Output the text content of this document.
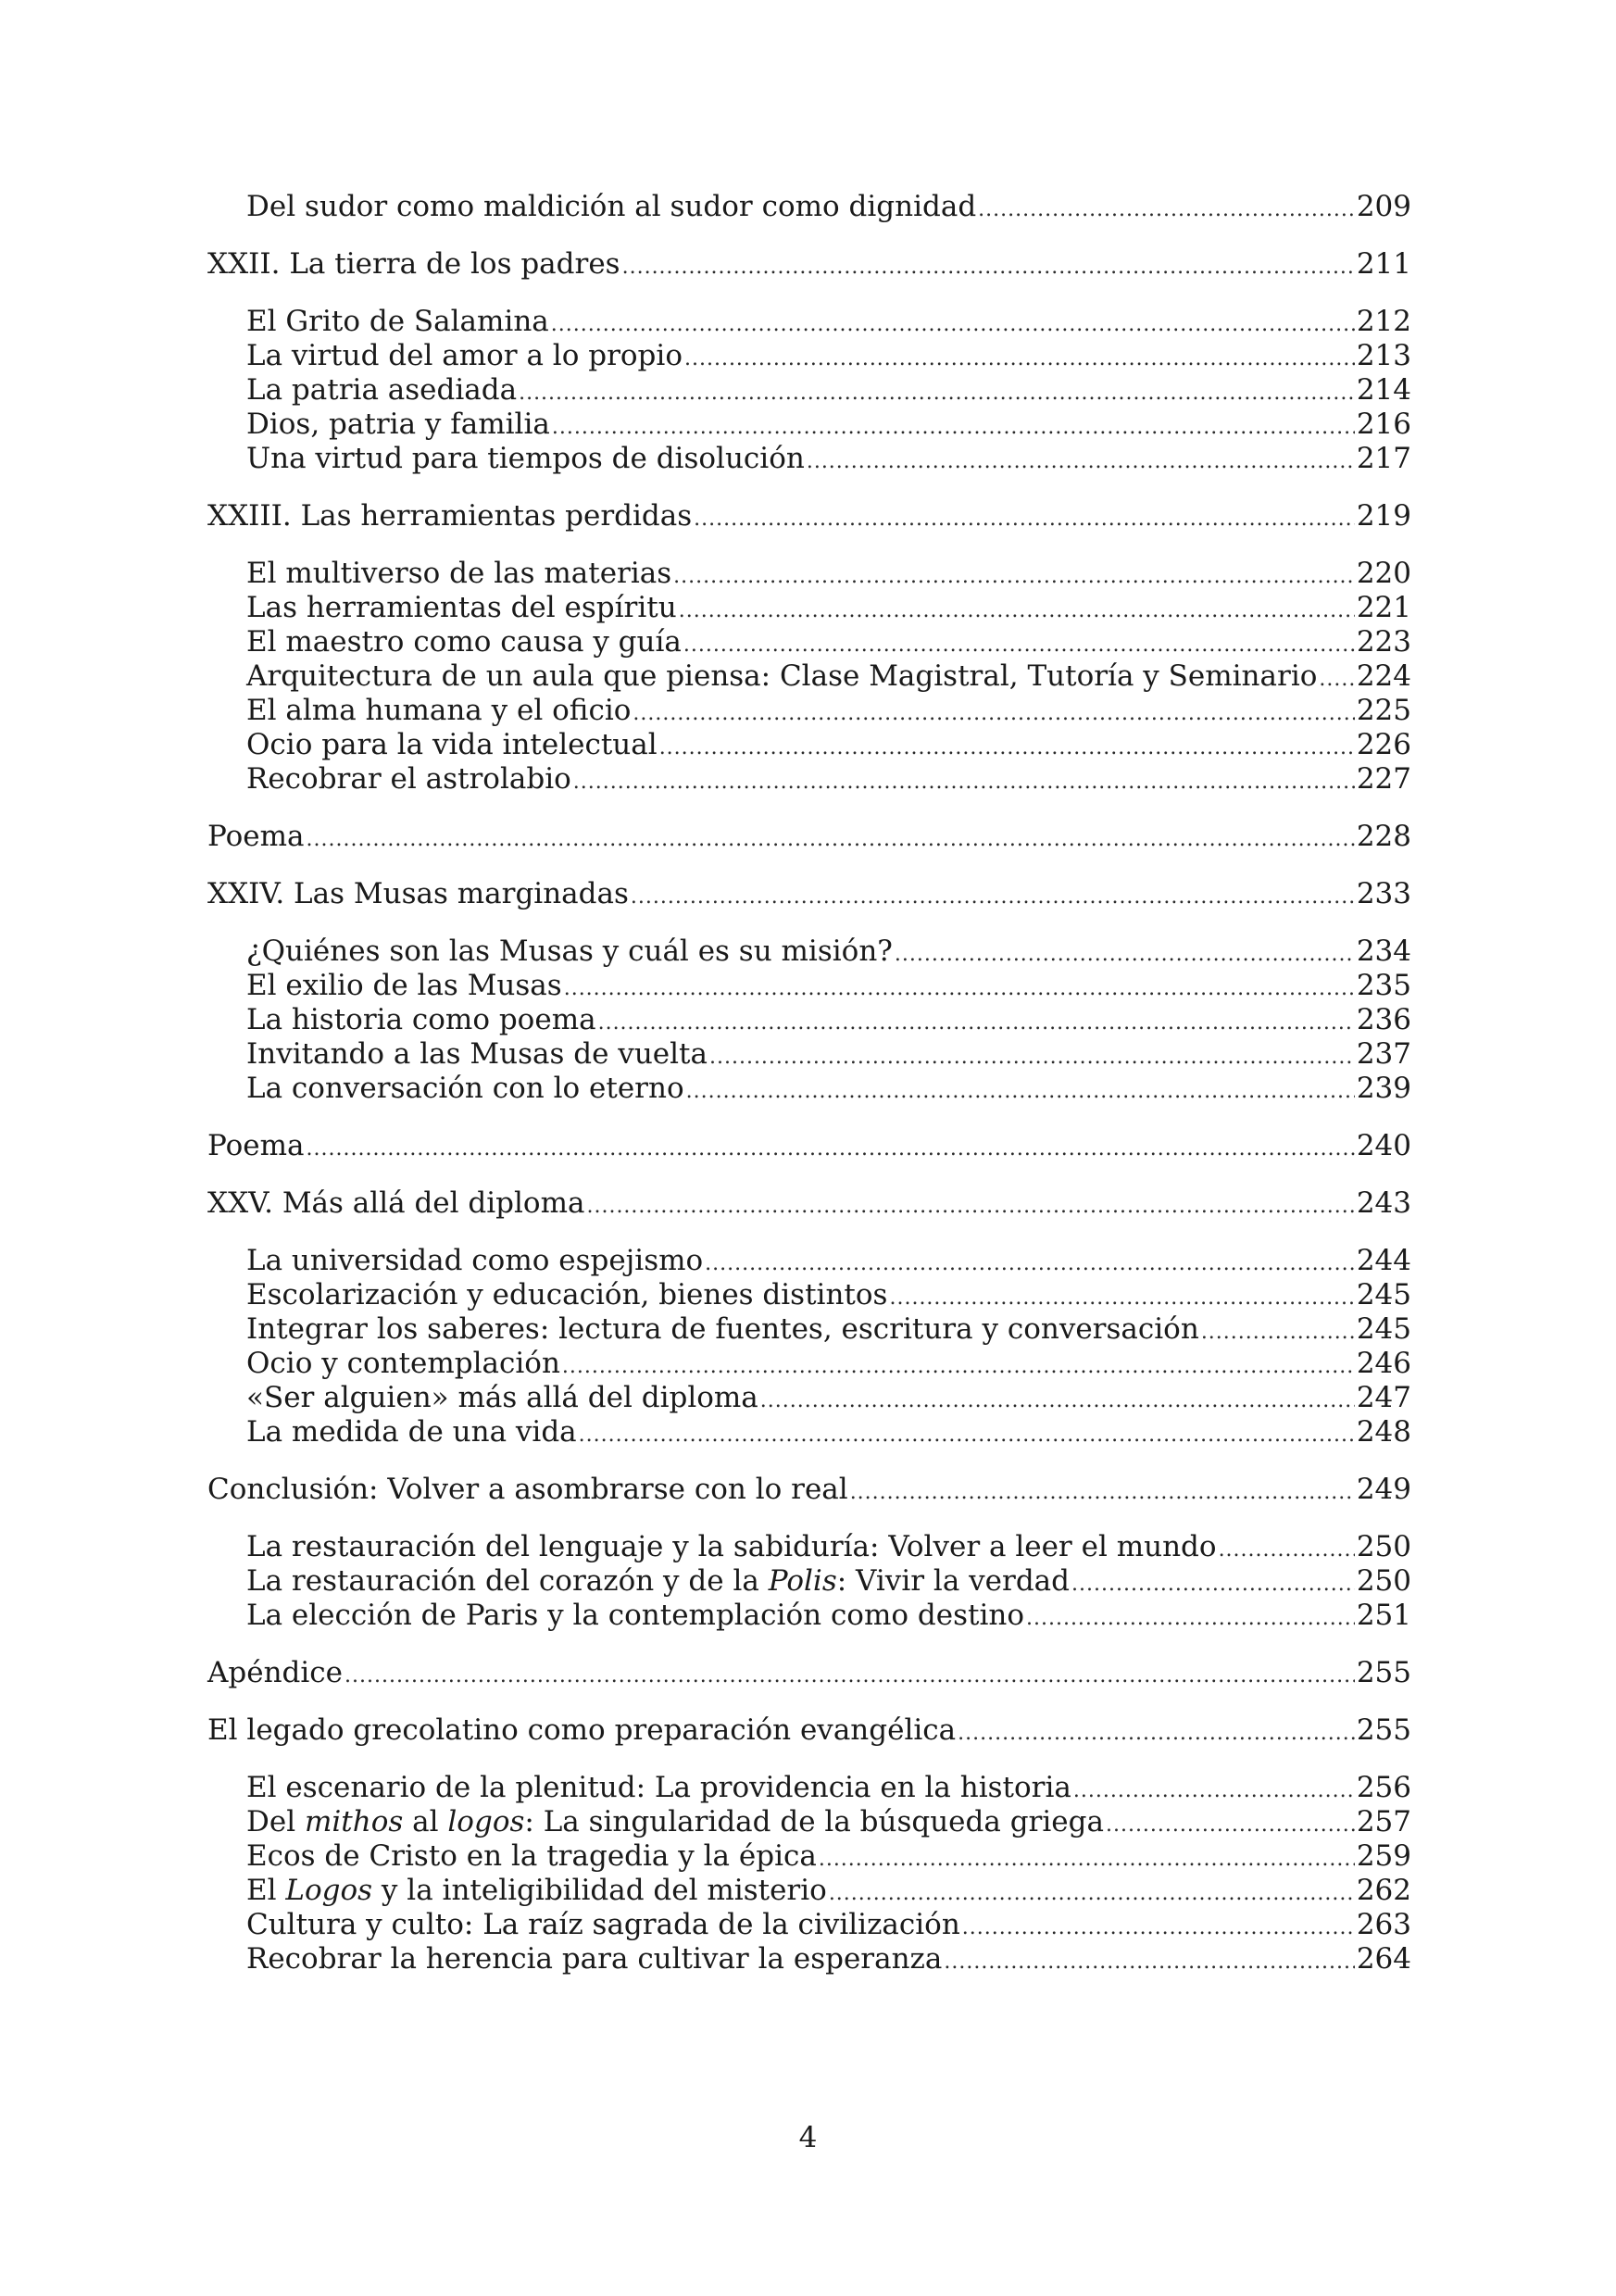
Del sudor como maldición al sudor como dignidad .....	209
XXII. La tierra de los padres .....	211
El Grito de Salamina .....	212
La virtud del amor a lo propio .....	213
La patria asediada .....	214
Dios, patria y familia .....	216
Una virtud para tiempos de disolución .....	217
XXIII. Las herramientas perdidas .....	219
El multiverso de las materias .....	220
Las herramientas del espíritu .....	221
El maestro como causa y guía .....	223
Arquitectura de un aula que piensa: Clase Magistral, Tutoría y Seminario ..... 224
El alma humana y el oficio .....	225
Ocio para la vida intelectual .....	226
Recobrar el astrolabio .....	227
Poema .....	228
XXIV. Las Musas marginadas .....	233
¿Quiénes son las Musas y cuál es su misión? .....	234
El exilio de las Musas .....	235
La historia como poema .....	236
Invitando a las Musas de vuelta .....	237
La conversación con lo eterno .....	239
Poema .....	240
XXV. Más allá del diploma .....	243
La universidad como espejismo .....	244
Escolarización y educación, bienes distintos .....	245
Integrar los saberes: lectura de fuentes, escritura y conversación .....	245
Ocio y contemplación .....	246
«Ser alguien» más allá del diploma .....	247
La medida de una vida .....	248
Conclusión: Volver a asombrarse con lo real .....	249
La restauración del lenguaje y la sabiduría: Volver a leer el mundo .....	250
La restauración del corazón y de la Polis: Vivir la verdad .....	250
La elección de Paris y la contemplación como destino .....	251
Apéndice .....	255
El legado grecolatino como preparación evangélica .....	255
El escenario de la plenitud: La providencia en la historia .....	256
Del mithos al logos: La singularidad de la búsqueda griega .....	257
Ecos de Cristo en la tragedia y la épica .....	259
El Logos y la inteligibilidad del misterio .....	262
Cultura y culto: La raíz sagrada de la civilización .....	263
Recobrar la herencia para cultivar la esperanza .....	264
4
